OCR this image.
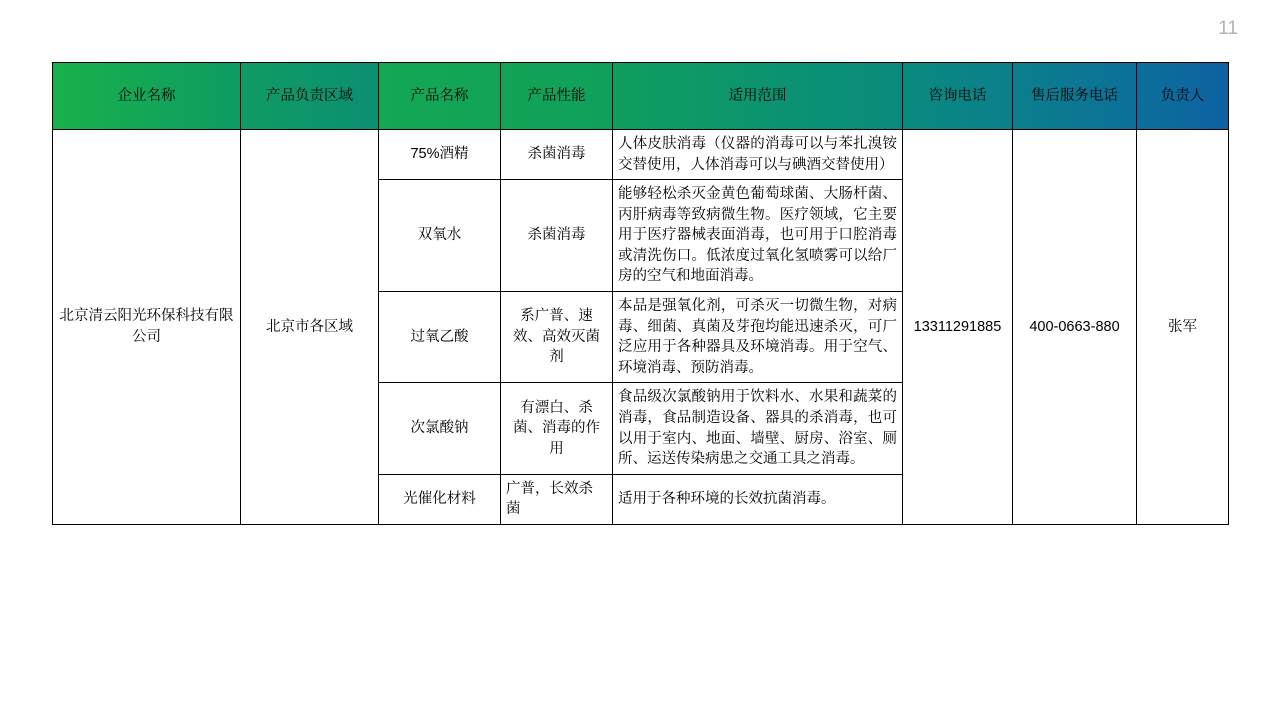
11
企业名称	产品负责区域	产品名称	产品性能	适用范围	咨询电话	售后服务电话	负责人
北京清云阳光环保科技有限公司	北京市各区域	75%酒精	杀菌消毒	人体皮肤消毒（仪器的消毒可以与苯扎溴铵交替使用，人体消毒可以与碘酒交替使用）	13311291885	400-0663-880	张军
		双氧水	杀菌消毒	能够轻松杀灭金黄色葡萄球菌、大肠杆菌、丙肝病毒等致病微生物。医疗领域，它主要用于医疗器械表面消毒，也可用于口腔消毒或清洗伤口。低浓度过氧化氢喷雾可以给厂房的空气和地面消毒。			
		过氧乙酸	系广普、速效、高效灭菌剂	本品是强氧化剂，可杀灭一切微生物，对病毒、细菌、真菌及芽孢均能迅速杀灭，可厂泛应用于各种器具及环境消毒。用于空气、环境消毒、预防消毒。			
		次氯酸钠	有漂白、杀菌、消毒的作用	食品级次氯酸钠用于饮料水、水果和蔬菜的消毒，食品制造设备、器具的杀消毒，也可以用于室内、地面、墙壁、厨房、浴室、厕所、运送传染病患之交通工具之消毒。			
		光催化材料	广普，长效杀菌	适用于各种环境的长效抗菌消毒。			
